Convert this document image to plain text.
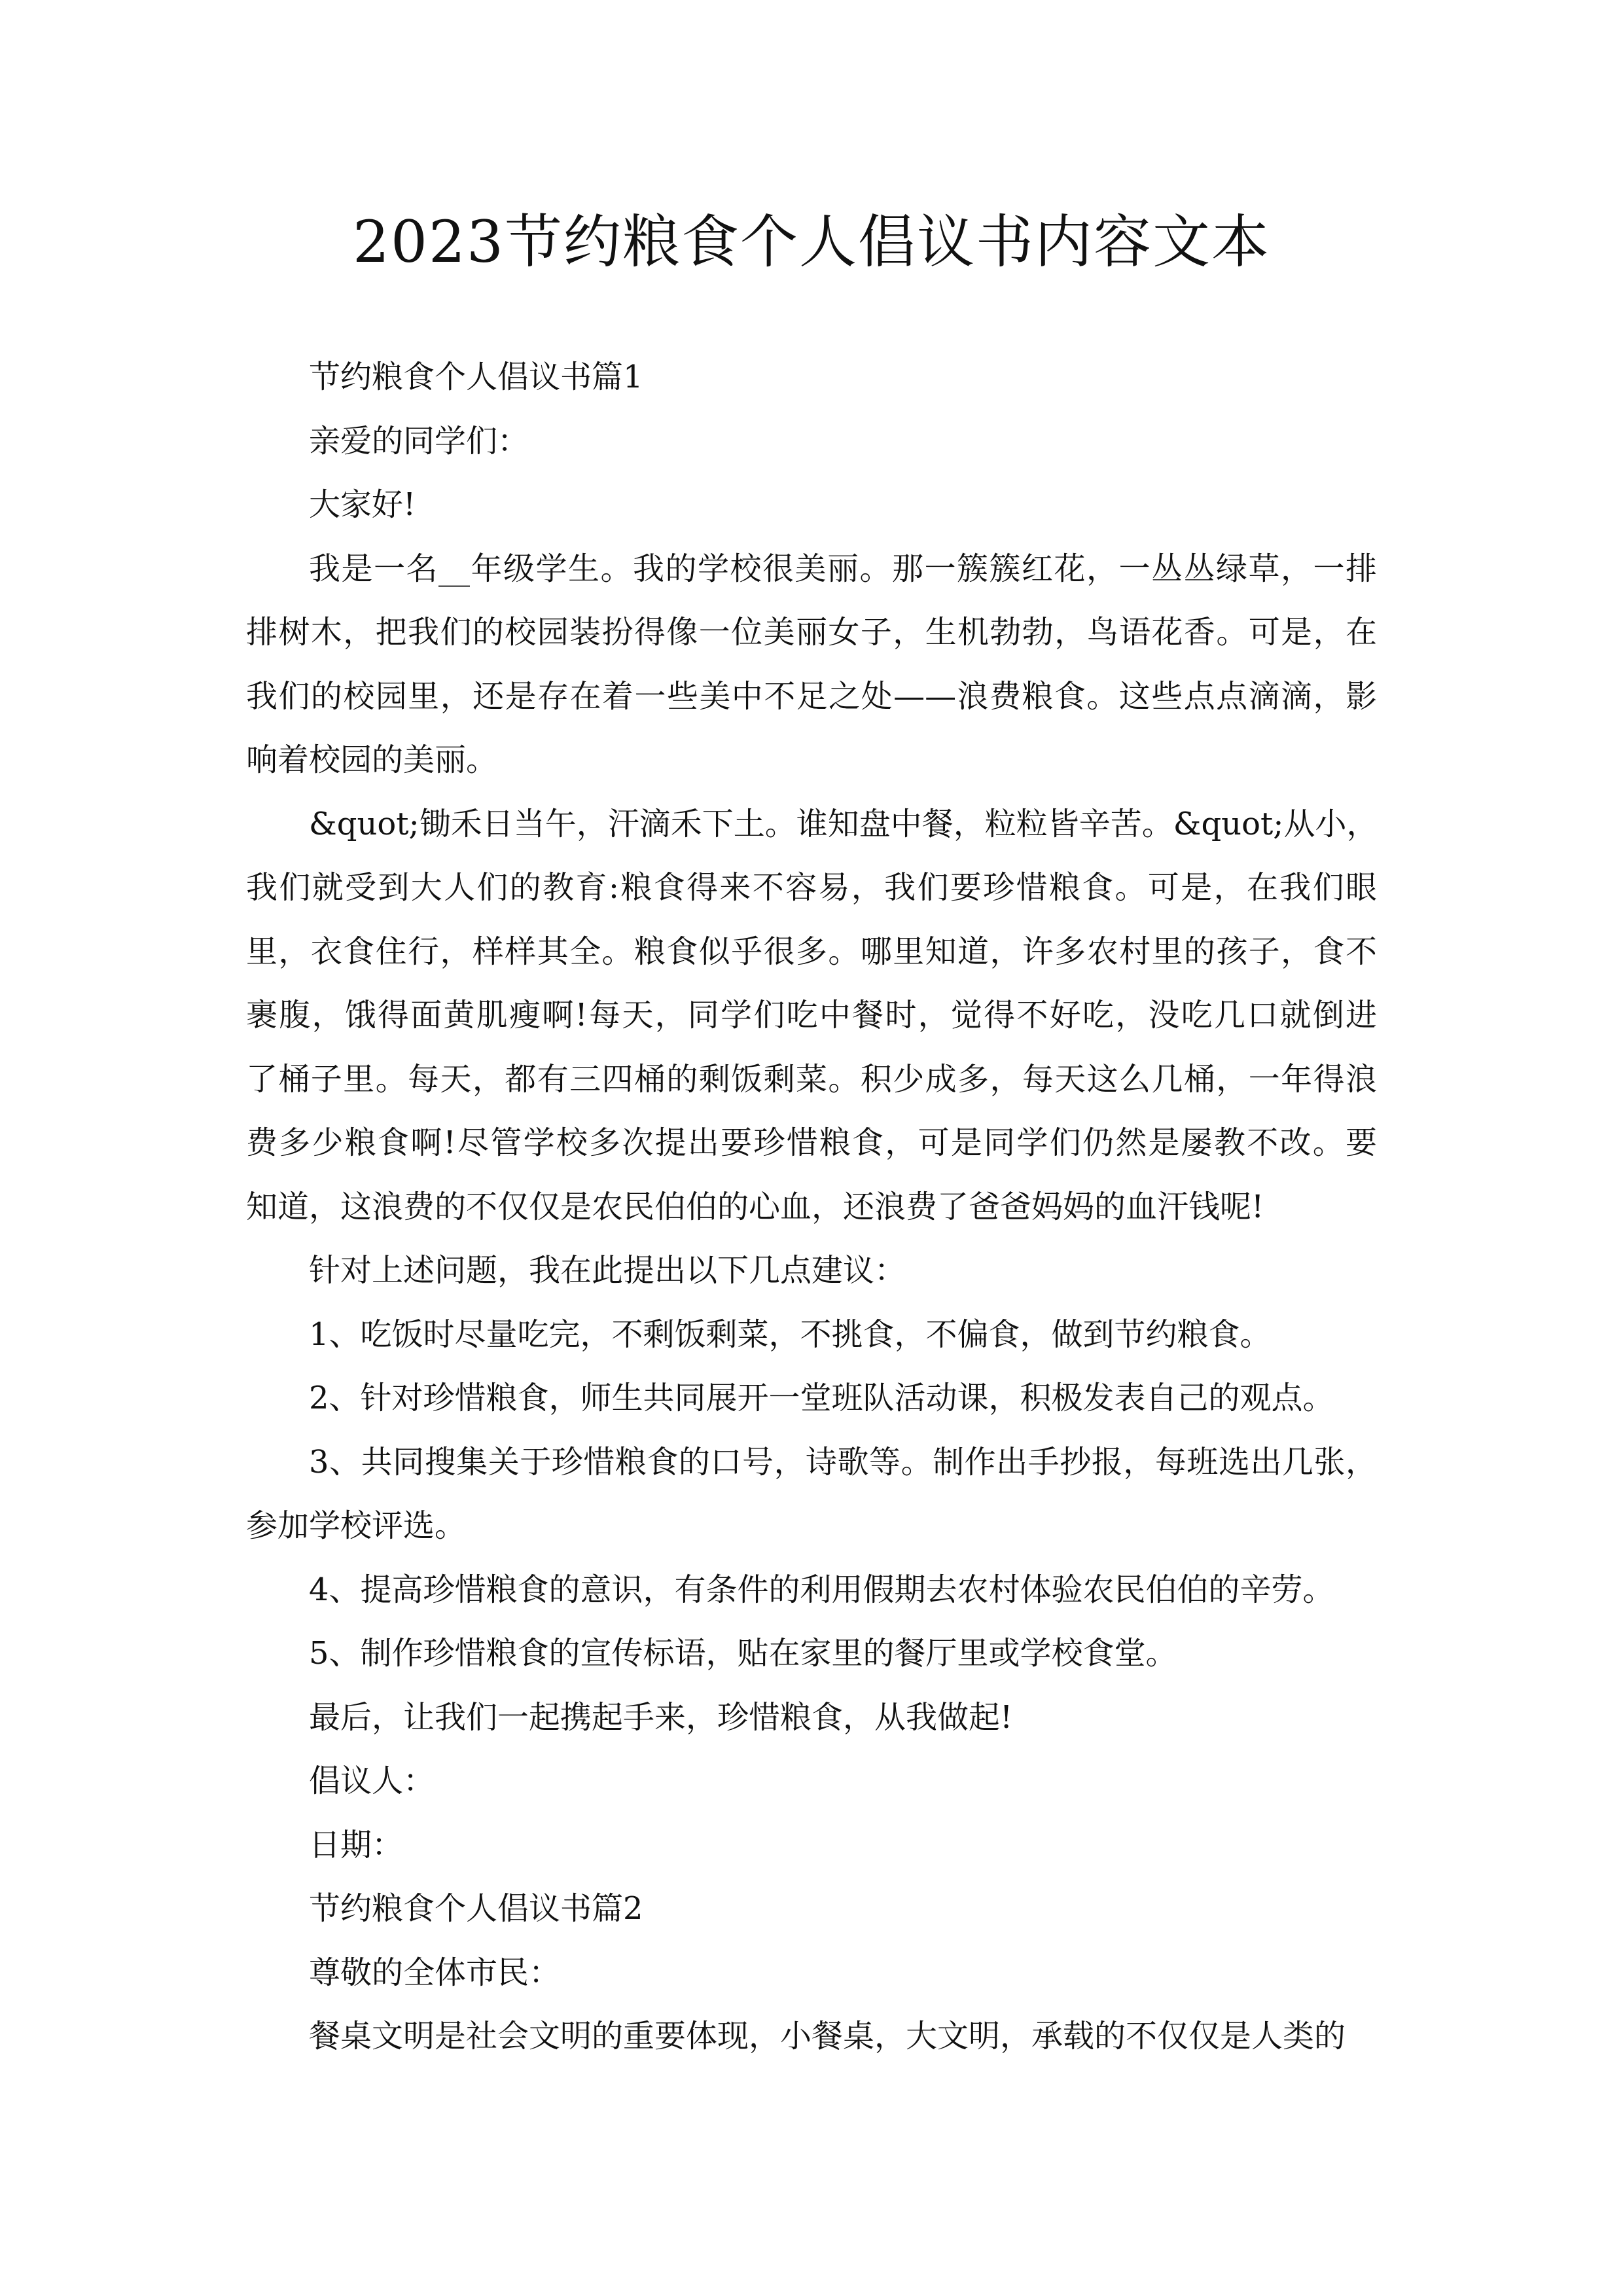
2023节约粮食个人倡议书内容文本
节约粮食个人倡议书篇1
亲爱的同学们：
大家好!
我是一名__年级学生。我的学校很美丽。那一簇簇红花，一丛丛绿草，一排
排树木，把我们的校园装扮得像一位美丽女子，生机勃勃，鸟语花香。可是，在
我们的校园里，还是存在着一些美中不足之处——浪费粮食。这些点点滴滴，影
响着校园的美丽。
&quot;锄禾日当午，汗滴禾下土。谁知盘中餐，粒粒皆辛苦。&quot;从小，
我们就受到大人们的教育:粮食得来不容易，我们要珍惜粮食。可是，在我们眼
里，衣食住行，样样其全。粮食似乎很多。哪里知道，许多农村里的孩子，食不
裹腹，饿得面黄肌瘦啊!每天，同学们吃中餐时，觉得不好吃，没吃几口就倒进
了桶子里。每天，都有三四桶的剩饭剩菜。积少成多，每天这么几桶，一年得浪
费多少粮食啊!尽管学校多次提出要珍惜粮食，可是同学们仍然是屡教不改。要
知道，这浪费的不仅仅是农民伯伯的心血，还浪费了爸爸妈妈的血汗钱呢!
针对上述问题，我在此提出以下几点建议：
1、吃饭时尽量吃完，不剩饭剩菜，不挑食，不偏食，做到节约粮食。
2、针对珍惜粮食，师生共同展开一堂班队活动课，积极发表自己的观点。
3、共同搜集关于珍惜粮食的口号，诗歌等。制作出手抄报，每班选出几张，
参加学校评选。
4、提高珍惜粮食的意识，有条件的利用假期去农村体验农民伯伯的辛劳。
5、制作珍惜粮食的宣传标语，贴在家里的餐厅里或学校食堂。
最后，让我们一起携起手来，珍惜粮食，从我做起!
倡议人：
日期：
节约粮食个人倡议书篇2
尊敬的全体市民：
餐桌文明是社会文明的重要体现，小餐桌，大文明，承载的不仅仅是人类的
